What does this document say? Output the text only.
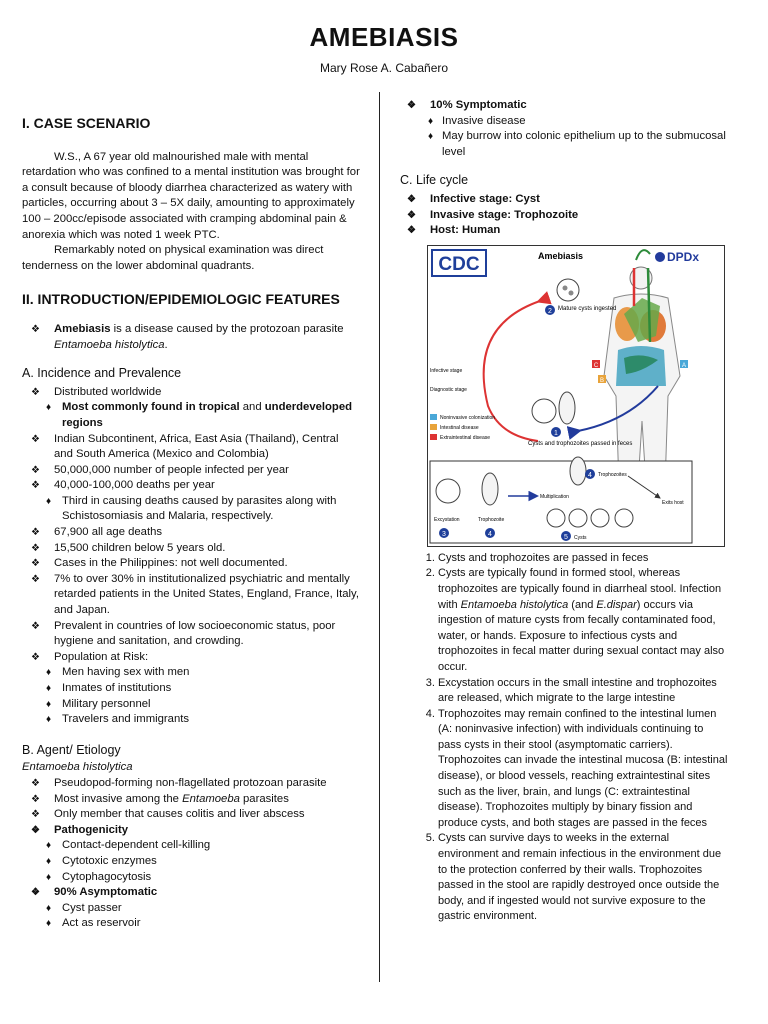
AMEBIASIS
Mary Rose A. Cabañero
I. CASE SCENARIO

W.S., A 67 year old malnourished male with mental retardation who was confined to a mental institution was brought for a consult because of bloody diarrhea characterized as watery with particles, occurring about 3 – 5X daily, amounting to approximately 100 – 200cc/episode associated with cramping abdominal pain & anorexia which was noted 1 week PTC.

Remarkably noted on physical examination was direct tenderness on the lower abdominal quadrants.

II. INTRODUCTION/EPIDEMIOLOGIC FEATURES
❖ Amebiasis is a disease caused by the protozoan parasite Entamoeba histolytica.
A. Incidence and Prevalence
❖ Distributed worldwide
♦ Most commonly found in tropical and underdeveloped regions
❖ Indian Subcontinent, Africa, East Asia (Thailand), Central and South America (Mexico and Colombia)
❖ 50,000,000 number of people infected per year
❖ 40,000-100,000 deaths per year
♦ Third in causing deaths caused by parasites along with Schistosomiasis and Malaria, respectively.
❖ 67,900 all age deaths
❖ 15,500 children below 5 years old.
❖ Cases in the Philippines: not well documented.
❖ 7% to over 30% in institutionalized psychiatric and mentally retarded patients in the United States, England, France, Italy, and Japan.
❖ Prevalent in countries of low socioeconomic status, poor hygiene and sanitation, and crowding.
❖ Population at Risk:
♦ Men having sex with men
♦ Inmates of institutions
♦ Military personnel
♦ Travelers and immigrants
B. Agent/ Etiology

Entamoeba histolytica

❖ Pseudopod-forming non-flagellated protozoan parasite
❖ Most invasive among the Entamoeba parasites
❖ Only member that causes colitis and liver abscess
❖ Pathogenicity
♦ Contact-dependent cell-killing
♦ Cytotoxic enzymes
♦ Cytophagocytosis
❖ 90% Asymptomatic
♦ Cyst passer
♦ Act as reservoir
❖ 10% Symptomatic
♦ Invasive disease
♦ May burrow into colonic epithelium up to the submucosal level
C. Life cycle
❖ Infective stage: Cyst
❖ Invasive stage: Trophozoite
❖ Host: Human
CDC	Amebiasis	DPDx
2 Mature cysts ingested
Infective stage
Diagnostic stage
Noninvasive colonization
Intestinal disease
Extraintestinal disease
C
B
A
1
Cysts and trophozoites passed in feces
Excystation
3
Trophozoite
4
Multiplication
4 Trophozoites
Exits host
5 Cysts
1. Cysts and trophozoites are passed in feces
2. Cysts are typically found in formed stool, whereas trophozoites are typically found in diarrheal stool. Infection with Entamoeba histolytica (and E.dispar) occurs via ingestion of mature cysts from fecally contaminated food, water, or hands. Exposure to infectious cysts and trophozoites in fecal matter during sexual contact may also occur.
3. Excystation occurs in the small intestine and trophozoites are released, which migrate to the large intestine
4. Trophozoites may remain confined to the intestinal lumen (A: noninvasive infection) with individuals continuing to pass cysts in their stool (asymptomatic carriers). Trophozoites can invade the intestinal mucosa (B: intestinal disease), or blood vessels, reaching extraintestinal sites such as the liver, brain, and lungs (C: extraintestinal disease). Trophozoites multiply by binary fission and produce cysts, and both stages are passed in the feces
5. Cysts can survive days to weeks in the external environment and remain infectious in the environment due to the protection conferred by their walls. Trophozoites passed in the stool are rapidly destroyed once outside the body, and if ingested would not survive exposure to the gastric environment.
